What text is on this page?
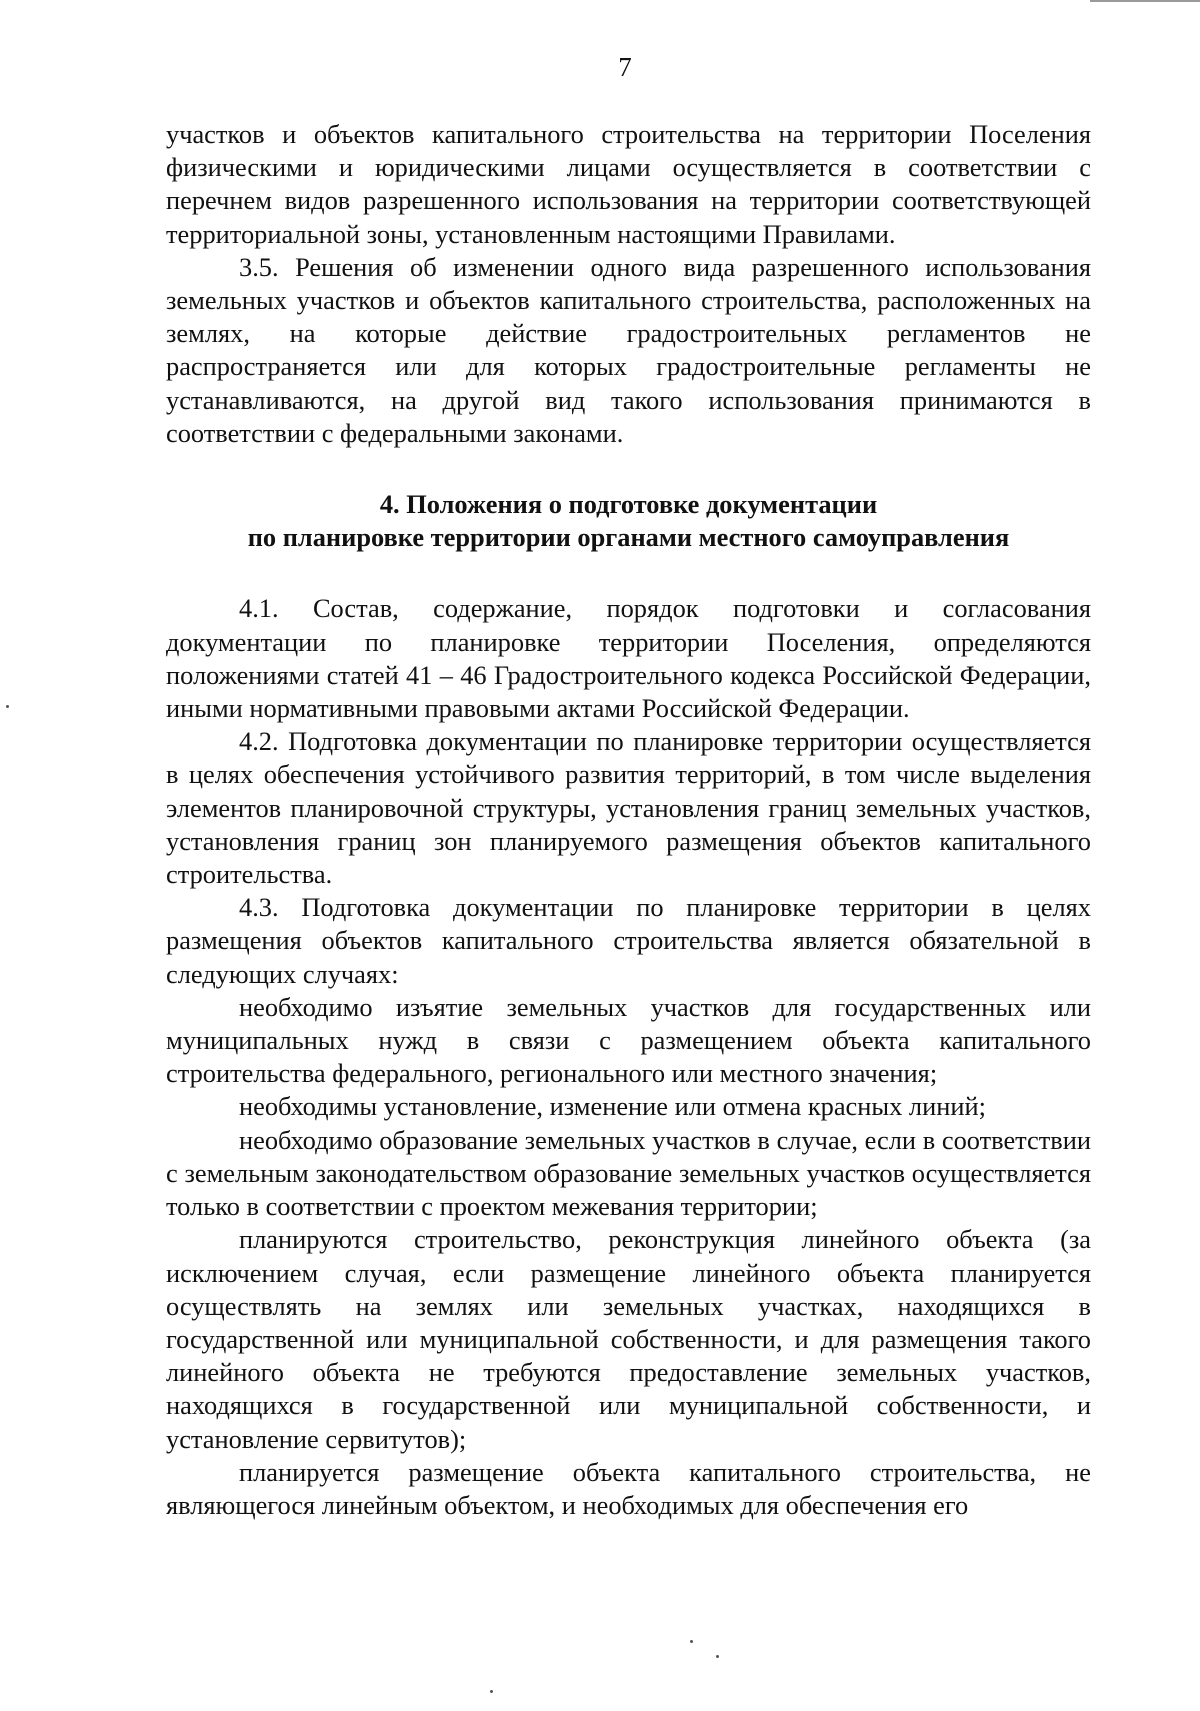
7

участков и объектов капитального строительства на территории Поселения физическими и юридическими лицами осуществляется в соответствии с перечнем видов разрешенного использования на территории соответствующей территориальной зоны, установленным настоящими Правилами.

3.5. Решения об изменении одного вида разрешенного использования земельных участков и объектов капитального строительства, расположенных на землях, на которые действие градостроительных регламентов не распространяется или для которых градостроительные регламенты не устанавливаются, на другой вид такого использования принимаются в соответствии с федеральными законами.

4. Положения о подготовке документации
по планировке территории органами местного самоуправления

4.1. Состав, содержание, порядок подготовки и согласования документации по планировке территории Поселения, определяются положениями статей 41 – 46 Градостроительного кодекса Российской Федерации, иными нормативными правовыми актами Российской Федерации.

4.2. Подготовка документации по планировке территории осуществляется в целях обеспечения устойчивого развития территорий, в том числе выделения элементов планировочной структуры, установления границ земельных участков, установления границ зон планируемого размещения объектов капитального строительства.

4.3. Подготовка документации по планировке территории в целях размещения объектов капитального строительства является обязательной в следующих случаях:

необходимо изъятие земельных участков для государственных или муниципальных нужд в связи с размещением объекта капитального строительства федерального, регионального или местного значения;

необходимы установление, изменение или отмена красных линий;

необходимо образование земельных участков в случае, если в соответствии с земельным законодательством образование земельных участков осуществляется только в соответствии с проектом межевания территории;

планируются строительство, реконструкция линейного объекта (за исключением случая, если размещение линейного объекта планируется осуществлять на землях или земельных участках, находящихся в государственной или муниципальной собственности, и для размещения такого линейного объекта не требуются предоставление земельных участков, находящихся в государственной или муниципальной собственности, и установление сервитутов);

планируется размещение объекта капитального строительства, не являющегося линейным объектом, и необходимых для обеспечения его
